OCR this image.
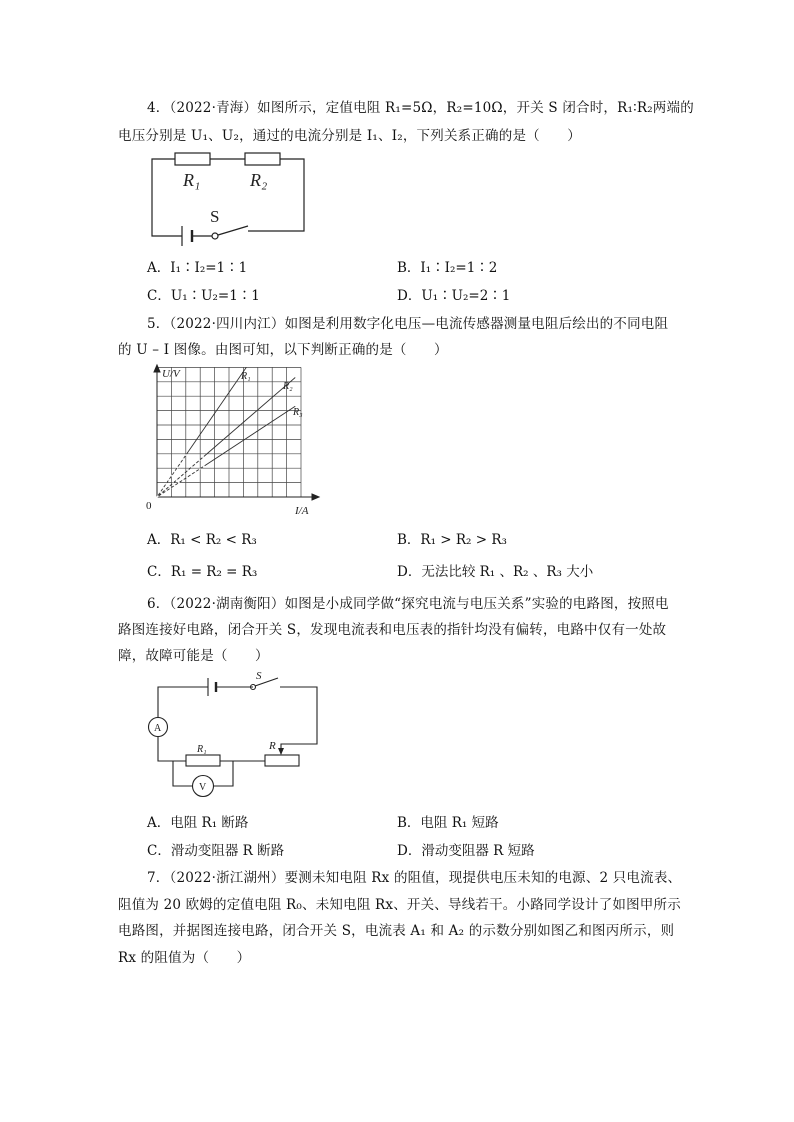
4．（2022·青海）如图所示，定值电阻 R₁=5Ω，R₂=10Ω，开关 S 闭合时，R₁∶R₂两端的
电压分别是 U₁、U₂，通过的电流分别是 I₁、I₂，下列关系正确的是（　　）
R₁	R₂
S
A．I₁∶I₂=1∶1	B．I₁∶I₂=1∶2
C．U₁∶U₂=1∶1	D．U₁∶U₂=2∶1
5．（2022·四川内江）如图是利用数字化电压—电流传感器测量电阻后绘出的不同电阻
的 U – I 图像。由图可知，以下判断正确的是（　　）
U/V
I/A
0
R₁
R₂
R₃
A．R₁ < R₂ < R₃	B．R₁ > R₂ > R₃
C．R₁ = R₂ = R₃	D．无法比较 R₁ 、R₂ 、R₃ 大小
6．（2022·湖南衡阳）如图是小成同学做“探究电流与电压关系”实验的电路图，按照电
路图连接好电路，闭合开关 S，发现电流表和电压表的指针均没有偏转，电路中仅有一处故
障，故障可能是（　　）
S
A
R₁	R
V
A．电阻 R₁ 断路	B．电阻 R₁ 短路
C．滑动变阻器 R 断路	D．滑动变阻器 R 短路
7．（2022·浙江湖州）要测未知电阻 Rx 的阻值，现提供电压未知的电源、2 只电流表、
阻值为 20 欧姆的定值电阻 R₀、未知电阻 Rx、开关、导线若干。小路同学设计了如图甲所示
电路图，并据图连接电路，闭合开关 S，电流表 A₁ 和 A₂ 的示数分别如图乙和图丙所示，则
Rx 的阻值为（　　）
